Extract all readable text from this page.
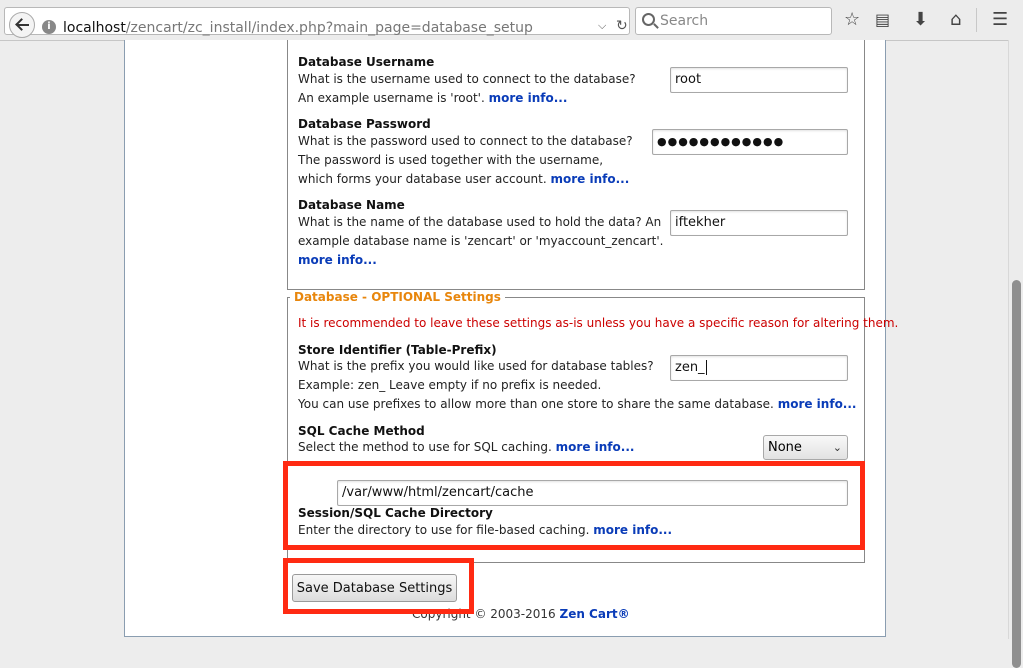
i localhost/zencart/zc_install/index.php?main_page=database_setup	⌵ ↻ Search	☆ ▤ ⬇ ⌂ ☰
Database Username
What is the username used to connect to the database? An example username is 'root'. more info...
root
Database Password
What is the password used to connect to the database? The password is used together with the username, which forms your database user account. more info...
●●●●●●●●●●●●
Database Name
What is the name of the database used to hold the data? An example database name is 'zencart' or 'myaccount_zencart'. more info...
iftekher
Database - OPTIONAL Settings
It is recommended to leave these settings as-is unless you have a specific reason for altering them.
Store Identifier (Table-Prefix)
What is the prefix you would like used for database tables?
Example: zen_ Leave empty if no prefix is needed.
You can use prefixes to allow more than one store to share the same database. more info...
zen_
SQL Cache Method
Select the method to use for SQL caching. more info...	None	⌄
/var/www/html/zencart/cache
Session/SQL Cache Directory
Enter the directory to use for file-based caching. more info...
Save Database Settings
Copyright © 2003-2016 Zen Cart®
